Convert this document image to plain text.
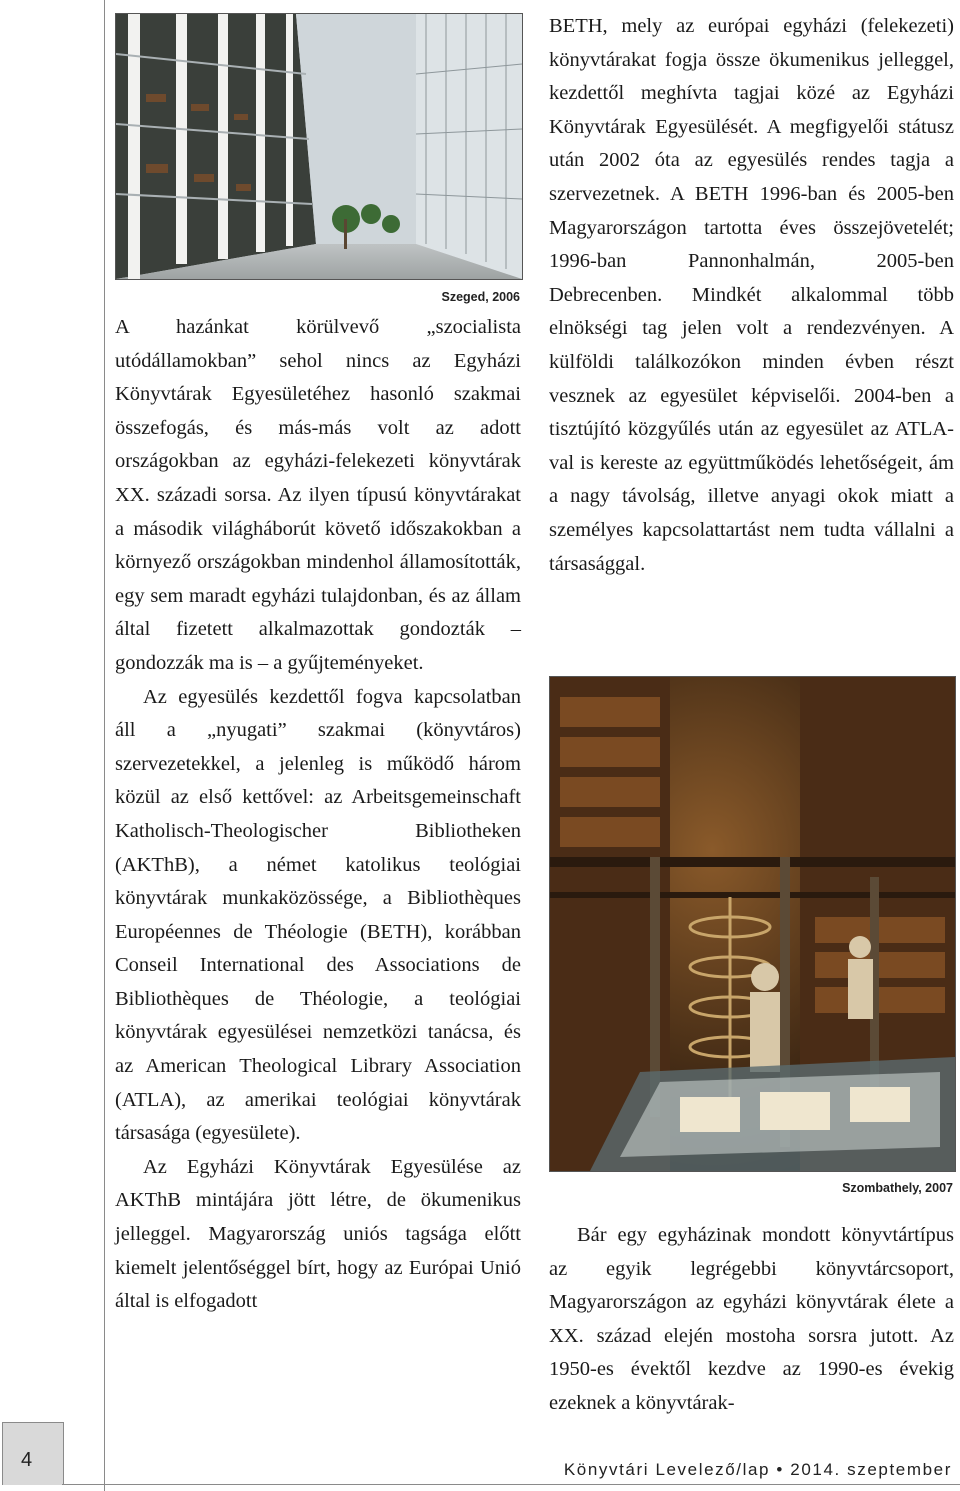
Szeged, 2006

A hazánkat körülvevő „szocialista utódállamokban” sehol nincs az Egyházi Könyvtárak Egyesületéhez hasonló szakmai összefogás, és más-más volt az adott országokban az egyházi-felekezeti könyvtárak XX. századi sorsa. Az ilyen típusú könyvtárakat a második világháborút követő időszakokban a környező országokban mindenhol államosították, egy sem maradt egyházi tulajdonban, és az állam által fizetett alkalmazottak gondozták – gondozzák ma is – a gyűjteményeket.

Az egyesülés kezdettől fogva kapcsolatban áll a „nyugati” szakmai (könyvtáros) szervezetekkel, a jelenleg is működő három közül az első kettővel: az Arbeitsgemeinschaft Katholisch-Theologischer Bibliotheken (AKThB), a német katolikus teológiai könyvtárak munkaközössége, a Bibliothèques Européennes de Théologie (BETH), korábban Conseil International des Associations de Bibliothèques de Théologie, a teológiai könyvtárak egyesülései nemzetközi tanácsa, és az American Theological Library Association (ATLA), az amerikai teológiai könyvtárak társasága (egyesülete).

Az Egyházi Könyvtárak Egyesülése az AKThB mintájára jött létre, de ökumenikus jelleggel. Magyarország uniós tagsága előtt kiemelt jelentőséggel bírt, hogy az Európai Unió által is elfogadott

BETH, mely az európai egyházi (felekezeti) könyvtárakat fogja össze ökumenikus jelleggel, kezdettől meghívta tagjai közé az Egyházi Könyvtárak Egyesülését. A megfigyelői státusz után 2002 óta az egyesülés rendes tagja a szervezetnek. A BETH 1996-ban és 2005-ben Magyarországon tartotta éves összejövetelét; 1996-ban Pannonhalmán, 2005-ben Debrecenben. Mindkét alkalommal több elnökségi tag jelen volt a rendezvényen. A külföldi találkozókon minden évben részt vesznek az egyesület képviselői. 2004-ben a tisztújító közgyűlés után az egyesület az ATLA-val is kereste az együttműködés lehetőségeit, ám a nagy távolság, illetve anyagi okok miatt a személyes kapcsolattartást nem tudta vállalni a társasággal.

Szombathely, 2007

Bár egy egyházinak mondott könyvtártípus az egyik legrégebbi könyvtárcsoport, Magyarországon az egyházi könyvtárak élete a XX. század elején mostoha sorsra jutott. Az 1950-es évektől kezdve az 1990-es évekig ezeknek a könyvtárak-

4	Könyvtári Levelező/lap • 2014. szeptember
